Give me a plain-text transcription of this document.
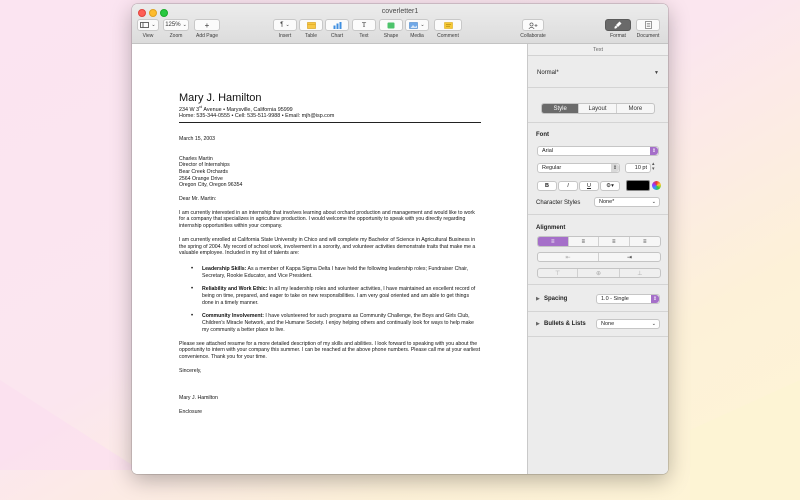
coverletter1
⌄
View
125% ⌄
Zoom
+
Add Page
¶ ⌄
Insert	Table	Chart
T
Text	Shape
⌄
Media	Comment	Collaborate	Format	Document
Mary J. Hamilton
234 W 3rd Avenue • Marysville, California 95999
Home: 535-344-0555 • Cell: 535-511-9988 • Email: mjh@isp.com
March 15, 2003
Charles Martin
Director of Internships
Bear Creek Orchards
2564 Orange Drive
Oregon City, Oregon 96354
Dear Mr. Martin:
I am currently interested in an internship that involves learning about orchard production and management and would like to work for a company that specializes in agriculture production. I would welcome the opportunity to speak with you directly regarding internship opportunities within your company.
I am currently enrolled at California State University in Chico and will complete my Bachelor of Science in Agricultural Business in the spring of 2004. My record of school work, involvement in a sorority, and volunteer activities demonstrate traits that make me a valuable employee. Included in my list of talents are:
• Leadership Skills: As a member of Kappa Sigma Delta I have held the following leadership roles; Fundraiser Chair, Secretary, Rookie Educator, and Vice President.
• Reliability and Work Ethic: In all my leadership roles and volunteer activities, I have maintained an excellent record of being on time, prepared, and eager to take on new responsibilities. I am very goal oriented and am able to get things done in a timely manner.
• Community Involvement: I have volunteered for such programs as Community Challenge, the Boys and Girls Club, Children's Miracle Network, and the Humane Society. I enjoy helping others and continually look for ways to help make my community a better place to live.
Please see attached resume for a more detailed description of my skills and abilities. I look forward to speaking with you about the opportunity to intern with your company this summer. I can be reached at the above phone numbers. Please call me at your earliest convenience. Thank you for your time.
Sincerely,
Mary J. Hamilton
Enclosure
Text
Normal*	▼
Style	Layout	More
Font
Arial	⇕
Regular	⇕	10 pt
▴
▾
B	I	U	⚙▾
Character Styles	None*	⌄
Alignment
≡	≡	≡	≡
⇤	⇥
⊤	⊕	⊥
▶ Spacing	1.0 - Single	⇕
▶ Bullets & Lists	None	⌄
